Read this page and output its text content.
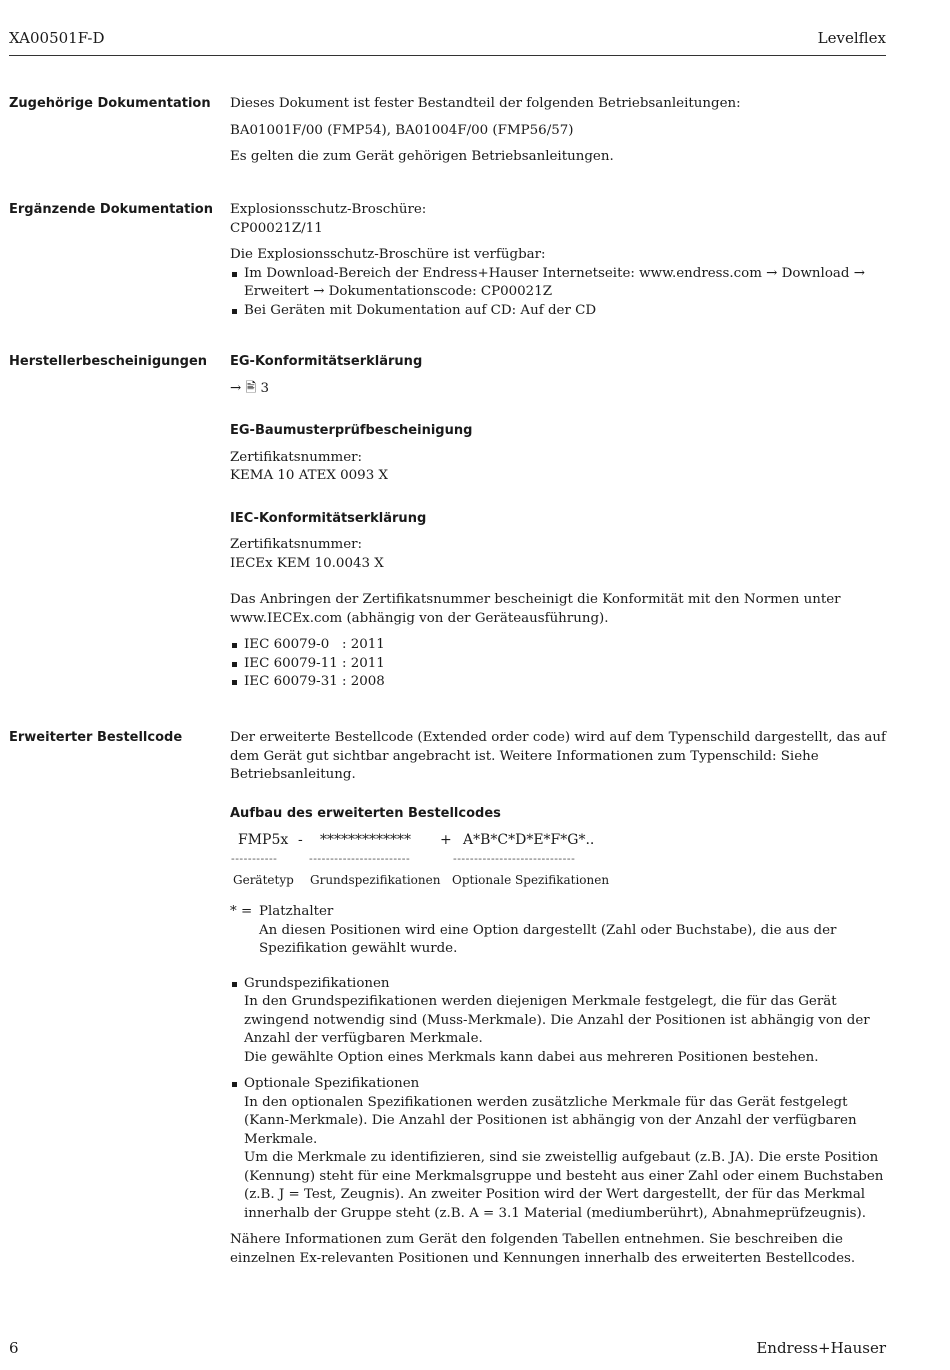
XA00501F-D	Levelflex
Zugehörige Dokumentation	Dieses Dokument ist fester Bestandteil der folgenden Betriebsanleitungen:

BA01001F/00 (FMP54), BA01004F/00 (FMP56/57)

Es gelten die zum Gerät gehörigen Betriebsanleitungen.

Ergänzende Dokumentation	Explosionsschutz-Broschüre:

CP00021Z/11

Die Explosionsschutz-Broschüre ist verfügbar:

Im Download-Bereich der Endress+Hauser Internetseite: www.endress.com → Download → Erweitert → Dokumentationscode: CP00021Z
Bei Geräten mit Dokumentation auf CD: Auf der CD
Herstellerbescheinigungen	EG-Konformitätserklärung

→ 🖹 3

EG-Baumusterprüfbescheinigung

Zertifikatsnummer:

KEMA 10 ATEX 0093 X

IEC-Konformitätserklärung

Zertifikatsnummer:

IECEx KEM 10.0043 X

Das Anbringen der Zertifikatsnummer bescheinigt die Konformität mit den Normen unter www.IECEx.com (abhängig von der Geräteausführung).

IEC 60079-0   : 2011
IEC 60079-11 : 2011
IEC 60079-31 : 2008
Erweiterter Bestellcode	Der erweiterte Bestellcode (Extended order code) wird auf dem Typenschild dargestellt, das auf dem Gerät gut sichtbar angebracht ist. Weitere Informationen zum Typenschild: Siehe Betriebsanleitung.

Aufbau des erweiterten Bestellcodes
FMP5x - ************* + A*B*C*D*E*F*G*..
-----------	------------------------	-----------------------------
Gerätetyp Grundspezifikationen Optionale Spezifikationen
* = Platzhalter

An diesen Positionen wird eine Option dargestellt (Zahl oder Buchstabe), die aus der Spezifikation gewählt wurde.

Grundspezifikationen

In den Grundspezifikationen werden diejenigen Merkmale festgelegt, die für das Gerät zwingend notwendig sind (Muss-Merkmale). Die Anzahl der Positionen ist abhängig von der Anzahl der verfügbaren Merkmale.

Die gewählte Option eines Merkmals kann dabei aus mehreren Positionen bestehen.

Optionale Spezifikationen

In den optionalen Spezifikationen werden zusätzliche Merkmale für das Gerät festgelegt (Kann-Merkmale). Die Anzahl der Positionen ist abhängig von der Anzahl der verfügbaren Merkmale.

Um die Merkmale zu identifizieren, sind sie zweistellig aufgebaut (z.B. JA). Die erste Position (Kennung) steht für eine Merkmalsgruppe und besteht aus einer Zahl oder einem Buchstaben (z.B. J = Test, Zeugnis). An zweiter Position wird der Wert dargestellt, der für das Merkmal innerhalb der Gruppe steht (z.B. A = 3.1 Material (mediumberührt), Abnahmeprüfzeugnis).

Nähere Informationen zum Gerät den folgenden Tabellen entnehmen. Sie beschreiben die einzelnen Ex-relevanten Positionen und Kennungen innerhalb des erweiterten Bestellcodes.

6	Endress+Hauser
